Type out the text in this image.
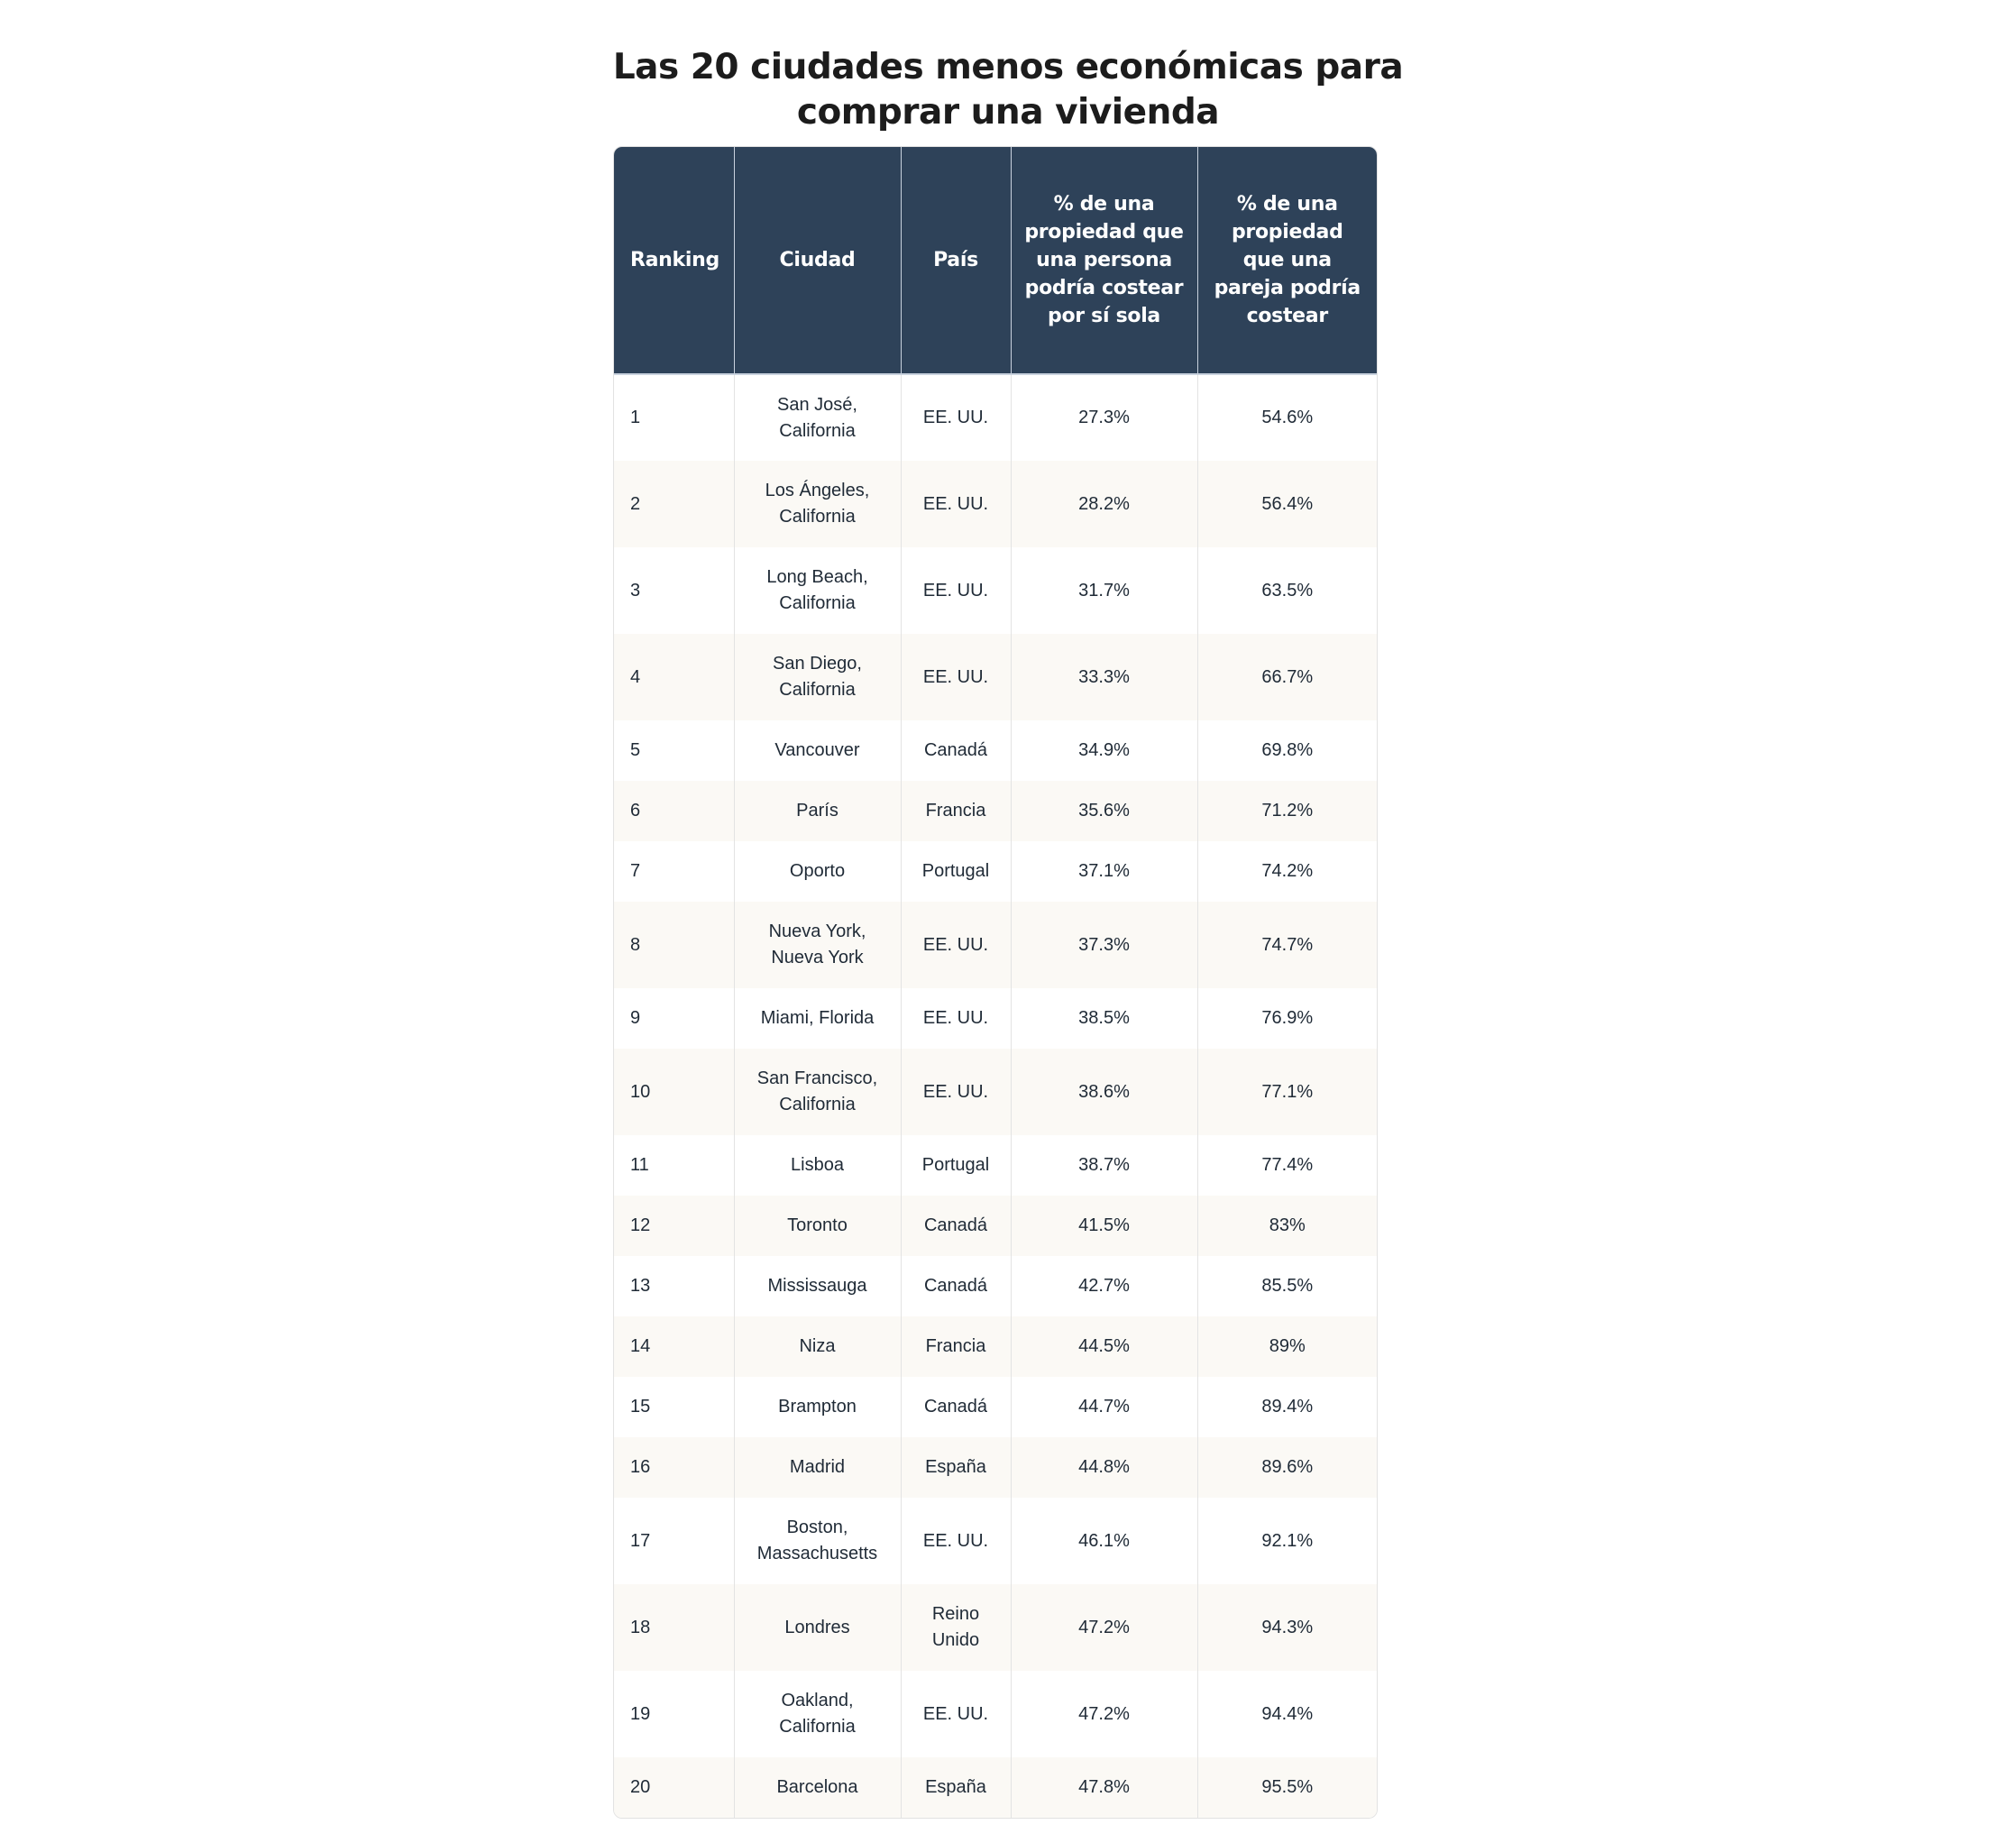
Las 20 ciudades menos económicas para comprar una vivienda
Ranking	Ciudad	País	% de una propiedad que una persona podría costear por sí sola	% de una propiedad que una pareja podría costear
1	San José, California	EE. UU.	27.3%	54.6%
2	Los Ángeles, California	EE. UU.	28.2%	56.4%
3	Long Beach, California	EE. UU.	31.7%	63.5%
4	San Diego, California	EE. UU.	33.3%	66.7%
5	Vancouver	Canadá	34.9%	69.8%
6	París	Francia	35.6%	71.2%
7	Oporto	Portugal	37.1%	74.2%
8	Nueva York, Nueva York	EE. UU.	37.3%	74.7%
9	Miami, Florida	EE. UU.	38.5%	76.9%
10	San Francisco, California	EE. UU.	38.6%	77.1%
11	Lisboa	Portugal	38.7%	77.4%
12	Toronto	Canadá	41.5%	83%
13	Mississauga	Canadá	42.7%	85.5%
14	Niza	Francia	44.5%	89%
15	Brampton	Canadá	44.7%	89.4%
16	Madrid	España	44.8%	89.6%
17	Boston, Massachusetts	EE. UU.	46.1%	92.1%
18	Londres	Reino Unido	47.2%	94.3%
19	Oakland, California	EE. UU.	47.2%	94.4%
20	Barcelona	España	47.8%	95.5%
